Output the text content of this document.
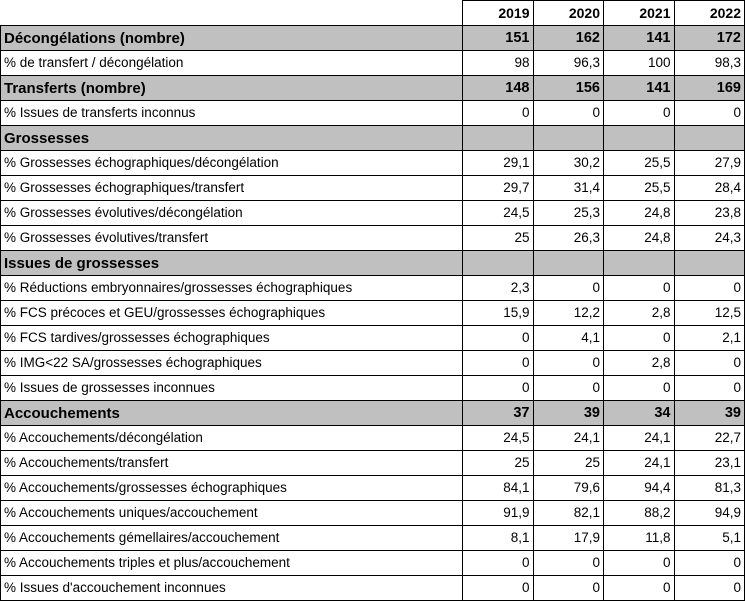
	2019	2020	2021	2022
Décongélations (nombre)	151	162	141	172
% de transfert / décongélation	98	96,3	100	98,3
Transferts (nombre)	148	156	141	169
% Issues de transferts inconnus	0	0	0	0
Grossesses				
% Grossesses échographiques/décongélation	29,1	30,2	25,5	27,9
% Grossesses échographiques/transfert	29,7	31,4	25,5	28,4
% Grossesses évolutives/décongélation	24,5	25,3	24,8	23,8
% Grossesses évolutives/transfert	25	26,3	24,8	24,3
Issues de grossesses				
% Réductions embryonnaires/grossesses échographiques	2,3	0	0	0
% FCS précoces et GEU/grossesses échographiques	15,9	12,2	2,8	12,5
% FCS tardives/grossesses échographiques	0	4,1	0	2,1
% IMG<22 SA/grossesses échographiques	0	0	2,8	0
% Issues de grossesses inconnues	0	0	0	0
Accouchements	37	39	34	39
% Accouchements/décongélation	24,5	24,1	24,1	22,7
% Accouchements/transfert	25	25	24,1	23,1
% Accouchements/grossesses échographiques	84,1	79,6	94,4	81,3
% Accouchements uniques/accouchement	91,9	82,1	88,2	94,9
% Accouchements gémellaires/accouchement	8,1	17,9	11,8	5,1
% Accouchements triples et plus/accouchement	0	0	0	0
% Issues d'accouchement inconnues	0	0	0	0
